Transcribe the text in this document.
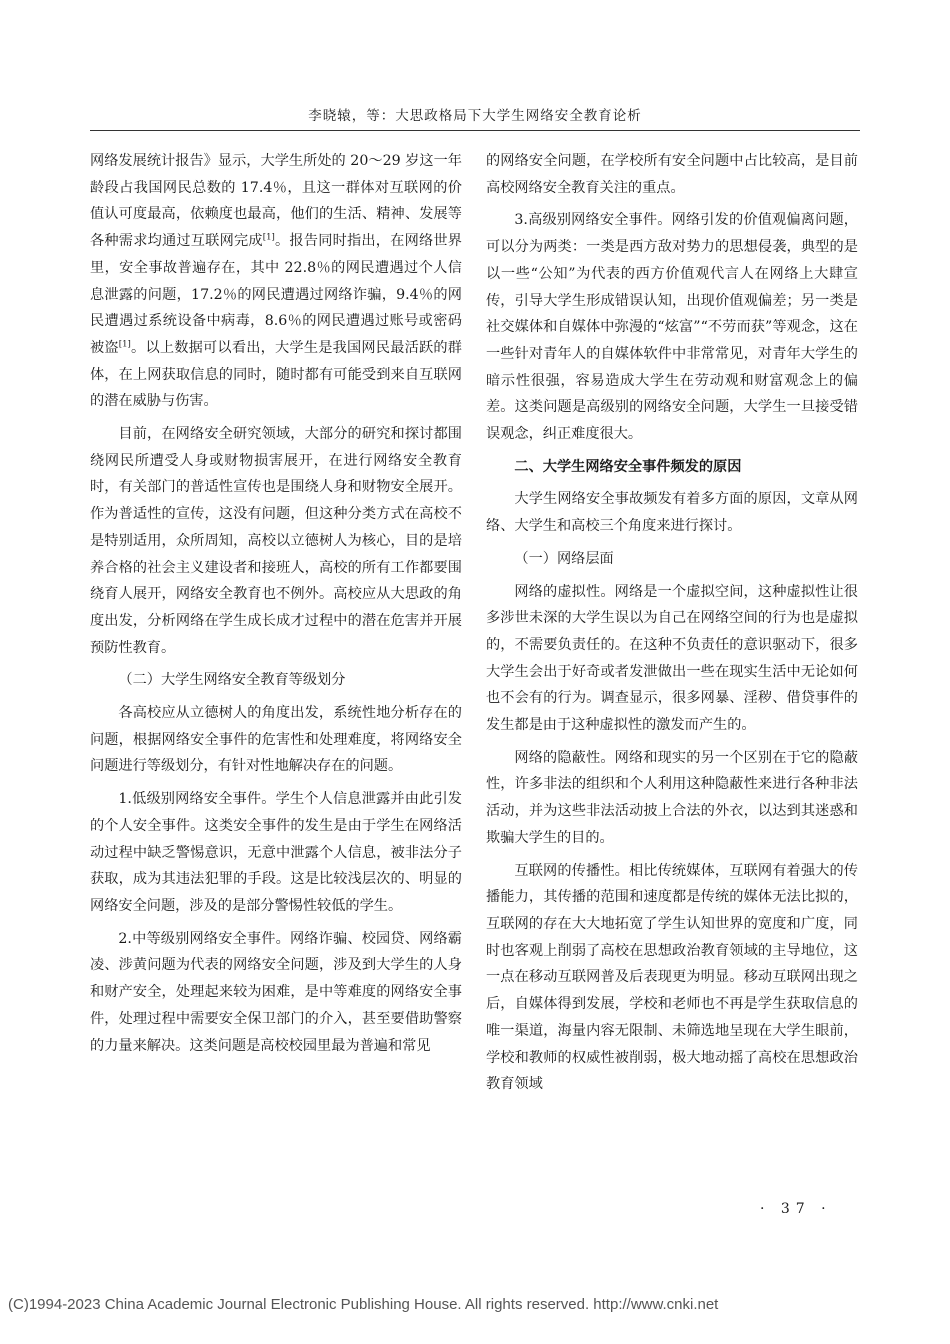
李晓辕，等：大思政格局下大学生网络安全教育论析

网络发展统计报告》显示，大学生所处的 20～29 岁这一年龄段占我国网民总数的 17.4％，且这一群体对互联网的价值认可度最高，依赖度也最高，他们的生活、精神、发展等各种需求均通过互联网完成[1]。报告同时指出，在网络世界里，安全事故普遍存在，其中 22.8％的网民遭遇过个人信息泄露的问题，17.2％的网民遭遇过网络诈骗，9.4％的网民遭遇过系统设备中病毒，8.6％的网民遭遇过账号或密码被盗[1]。以上数据可以看出，大学生是我国网民最活跃的群体，在上网获取信息的同时，随时都有可能受到来自互联网的潜在威胁与伤害。

目前，在网络安全研究领域，大部分的研究和探讨都围绕网民所遭受人身或财物损害展开，在进行网络安全教育时，有关部门的普适性宣传也是围绕人身和财物安全展开。作为普适性的宣传，这没有问题，但这种分类方式在高校不是特别适用，众所周知，高校以立德树人为核心，目的是培养合格的社会主义建设者和接班人，高校的所有工作都要围绕育人展开，网络安全教育也不例外。高校应从大思政的角度出发，分析网络在学生成长成才过程中的潜在危害并开展预防性教育。

（二）大学生网络安全教育等级划分

各高校应从立德树人的角度出发，系统性地分析存在的问题，根据网络安全事件的危害性和处理难度，将网络安全问题进行等级划分，有针对性地解决存在的问题。

1.低级别网络安全事件。学生个人信息泄露并由此引发的个人安全事件。这类安全事件的发生是由于学生在网络活动过程中缺乏警惕意识，无意中泄露个人信息，被非法分子获取，成为其违法犯罪的手段。这是比较浅层次的、明显的网络安全问题，涉及的是部分警惕性较低的学生。

2.中等级别网络安全事件。网络诈骗、校园贷、网络霸凌、涉黄问题为代表的网络安全问题，涉及到大学生的人身和财产安全，处理起来较为困难，是中等难度的网络安全事件，处理过程中需要安全保卫部门的介入，甚至要借助警察的力量来解决。这类问题是高校校园里最为普遍和常见

的网络安全问题，在学校所有安全问题中占比较高，是目前高校网络安全教育关注的重点。

3.高级别网络安全事件。网络引发的价值观偏离问题，可以分为两类：一类是西方敌对势力的思想侵袭，典型的是以一些“公知”为代表的西方价值观代言人在网络上大肆宣传，引导大学生形成错误认知，出现价值观偏差；另一类是社交媒体和自媒体中弥漫的“炫富”“不劳而获”等观念，这在一些针对青年人的自媒体软件中非常常见，对青年大学生的暗示性很强，容易造成大学生在劳动观和财富观念上的偏差。这类问题是高级别的网络安全问题，大学生一旦接受错误观念，纠正难度很大。

二、大学生网络安全事件频发的原因

大学生网络安全事故频发有着多方面的原因，文章从网络、大学生和高校三个角度来进行探讨。

（一）网络层面

网络的虚拟性。网络是一个虚拟空间，这种虚拟性让很多涉世未深的大学生误以为自己在网络空间的行为也是虚拟的，不需要负责任的。在这种不负责任的意识驱动下，很多大学生会出于好奇或者发泄做出一些在现实生活中无论如何也不会有的行为。调查显示，很多网暴、淫秽、借贷事件的发生都是由于这种虚拟性的激发而产生的。

网络的隐蔽性。网络和现实的另一个区别在于它的隐蔽性，许多非法的组织和个人利用这种隐蔽性来进行各种非法活动，并为这些非法活动披上合法的外衣，以达到其迷惑和欺骗大学生的目的。

互联网的传播性。相比传统媒体，互联网有着强大的传播能力，其传播的范围和速度都是传统的媒体无法比拟的，互联网的存在大大地拓宽了学生认知世界的宽度和广度，同时也客观上削弱了高校在思想政治教育领域的主导地位，这一点在移动互联网普及后表现更为明显。移动互联网出现之后，自媒体得到发展，学校和老师也不再是学生获取信息的唯一渠道，海量内容无限制、未筛选地呈现在大学生眼前，学校和教师的权威性被削弱，极大地动摇了高校在思想政治教育领域

· 37 ·
(C)1994-2023 China Academic Journal Electronic Publishing House. All rights reserved. http://www.cnki.net
